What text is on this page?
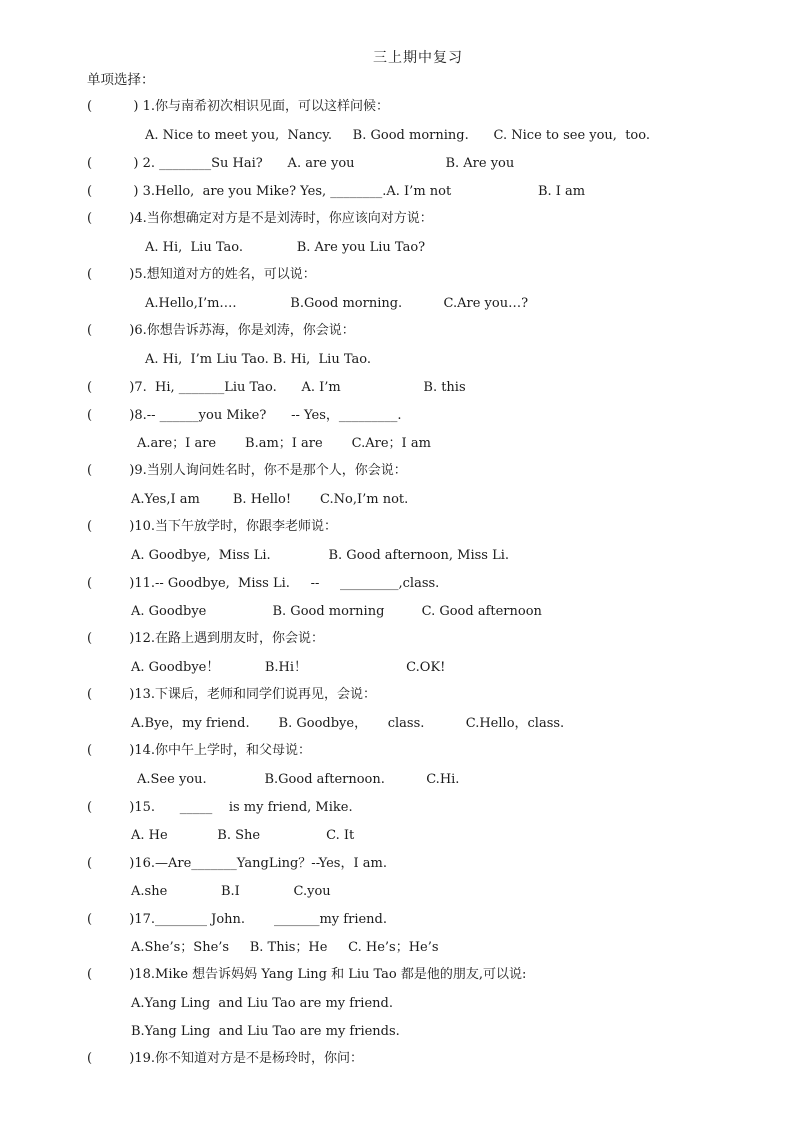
三上期中复习
单项选择：
(          ) 1.你与南希初次相识见面，可以这样问候：
A. Nice to meet you,  Nancy.     B. Good morning.      C. Nice to see you,  too.
(          ) 2. ________Su Hai?      A. are you                      B. Are you
(          ) 3.Hello,  are you Mike? Yes, ________.A. I’m not                     B. I am
(         )4.当你想确定对方是不是刘涛时，你应该向对方说：
A. Hi,  Liu Tao.             B. Are you Liu Tao?
(         )5.想知道对方的姓名，可以说：
A.Hello,I’m….             B.Good morning.          C.Are you…?
(         )6.你想告诉苏海，你是刘涛，你会说：
A. Hi,  I’m Liu Tao. B. Hi,  Liu Tao.
(         )7.  Hi, _______Liu Tao.      A. I’m                    B. this
(         )8.-- ______you Mike?      -- Yes，_________.
A.are；I are       B.am；I are       C.Are；I am
(         )9.当别人询问姓名时，你不是那个人，你会说：
A.Yes,I am        B. Hello!       C.No,I’m not.
(         )10.当下午放学时，你跟李老师说：
A. Goodbye,  Miss Li.              B. Good afternoon, Miss Li.
(         )11.-- Goodbye,  Miss Li.     --     _________,class.
A. Goodbye                B. Good morning         C. Good afternoon
(         )12.在路上遇到朋友时，你会说：
A. Goodbye！           B.Hi！                        C.OK!
(         )13.下课后，老师和同学们说再见，会说：
A.Bye，my friend.       B. Goodbye，     class.          C.Hello，class.
(         )14.你中午上学时，和父母说：
A.See you.              B.Good afternoon.          C.Hi.
(         )15.      _____    is my friend, Mike.
A. He            B. She                C. It
(         )16.—Are_______YangLing？--Yes，I am.
A.she             B.I             C.you
(         )17.________ John.       _______my friend.
A.She’s；She’s     B. This；He     C. He’s；He’s
(         )18.Mike 想告诉妈妈 Yang Ling 和 Liu Tao 都是他的朋友,可以说:
A.Yang Ling  and Liu Tao are my friend.
B.Yang Ling  and Liu Tao are my friends.
(         )19.你不知道对方是不是杨玲时，你问：
